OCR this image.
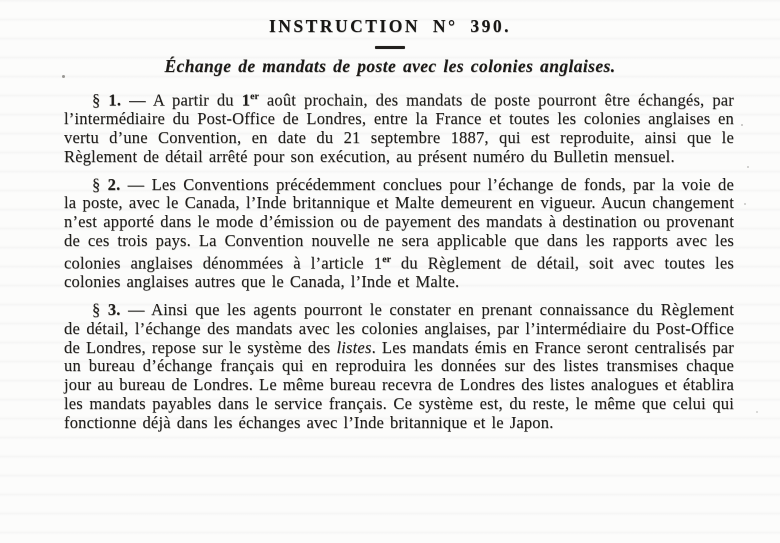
INSTRUCTION N° 390.
Échange de mandats de poste avec les colonies anglaises.

§ 1. — A partir du 1er août prochain, des mandats de poste pourront être échangés, par l’intermédiaire du Post-Office de Londres, entre la France et toutes les colonies anglaises en vertu d’une Convention, en date du 21 septembre 1887, qui est reproduite, ainsi que le Règlement de détail arrêté pour son exécution, au présent numéro du Bulletin mensuel.

§ 2. — Les Conventions précédemment conclues pour l’échange de fonds, par la voie de la poste, avec le Canada, l’Inde britannique et Malte demeurent en vigueur. Aucun changement n’est apporté dans le mode d’émission ou de payement des mandats à destination ou provenant de ces trois pays. La Convention nouvelle ne sera applicable que dans les rapports avec les colonies anglaises dénommées à l’article 1er du Règlement de détail, soit avec toutes les colonies anglaises autres que le Canada, l’Inde et Malte.

§ 3. — Ainsi que les agents pourront le constater en prenant connaissance du Règlement de détail, l’échange des mandats avec les colonies anglaises, par l’intermédiaire du Post-Office de Londres, repose sur le système des listes. Les mandats émis en France seront centralisés par un bureau d’échange français qui en reproduira les données sur des listes transmises chaque jour au bureau de Londres. Le même bureau recevra de Londres des listes analogues et établira les mandats payables dans le service français. Ce système est, du reste, le même que celui qui fonctionne déjà dans les échanges avec l’Inde britannique et le Japon.
